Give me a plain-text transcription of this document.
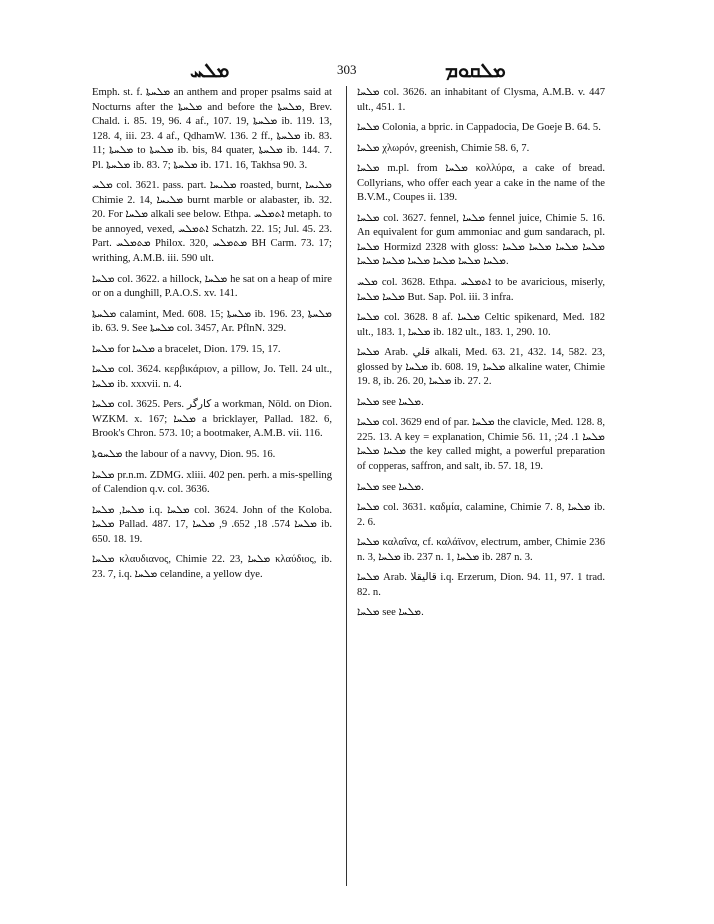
ܡܠܚ	303	ܡܠܩܘܡ
Emph. st. f. ܡܠܚܬܐ an anthem and proper psalms said at Nocturns after the ܡܠܚܬܐ and before the ܡܠܚܬܐ, Brev. Chald. i. 85. 19, 96. 4 af., 107. 19, ܡܠܚܬܐ ib. 119. 13, 128. 4, iii. 23. 4 af., QdhamW. 136. 2 ff., ܡܠܚܬܐ ib. 83. 11; ܡܠܚܬܐ to ܡܠܚܬܐ ib. bis, 84 quater, ܡܠܚܬܐ ib. 144. 7. Pl. ܡܠܚܬܐ ib. 83. 7; ܡܠܚܬܐ ib. 171. 16, Takhsa 90. 3.
ܡܠܚ col. 3621. pass. part. ܡܠܝܚܐ roasted, burnt, ܡܠܝܚܐ Chimie 2. 14, ܡܠܝܚܐ burnt marble or alabaster, ib. 32. 20. For ܡܠܚܐ alkali see below. Ethpa. ܐܬܡܠܚ metaph. to be annoyed, vexed, ܐܬܡܠܚ Schatzh. 22. 15; Jul. 45. 23. Part. ܡܬܡܠܚ Philox. 320, ܡܬܡܠܚ BH Carm. 73. 17; writhing, A.M.B. iii. 590 ult.
ܡܠܚܐ col. 3622. a hillock, ܡܠܚܐ he sat on a heap of mire or on a dunghill, P.A.O.S. xv. 141.
ܡܠܚܬܐ calamint, Med. 608. 15; ܡܠܚܬܐ ib. 196. 23, ܡܠܚܬܐ ib. 63. 9. See ܡܠܚܬܐ col. 3457, Ar. PflnN. 329.
ܡܠܚܐ for ܡܠܚܐ a bracelet, Dion. 179. 15, 17.
ܡܠܚܐ col. 3624. κερβικάριον, a pillow, Jo. Tell. 24 ult., ܡܠܚܐ ib. xxxvii. n. 4.
ܡܠܚܐ col. 3625. Pers. کارگر a workman, Nöld. on Dion. WZKM. x. 167; ܡܠܚܐ a bricklayer, Pallad. 182. 6, Brook's Chron. 573. 10; a bootmaker, A.M.B. vii. 116.
ܡܠܚܘܬܐ the labour of a navvy, Dion. 95. 16.
ܡܠܚܐ pr.n.m. ZDMG. xliii. 402 pen. perh. a mis-spelling of Calendion q.v. col. 3636.
ܡܠܚܐ, ܡܠܚܐ i.q. ܡܠܚܐ col. 3624. John of the Koloba. ܡܠܚܐ Pallad. 487. 17, ܡܠܚܐ 574. 18, 652. 9, ܡܠܚܐ ib. 650. 18. 19.
ܡܠܚܐ κλαυδιανος, Chimie 22. 23, ܡܠܚܐ κλαύδιος, ib. 23. 7, i.q. ܡܠܚܐ celandine, a yellow dye.
ܡܠܚܐ col. 3626. an inhabitant of Clysma, A.M.B. v. 447 ult., 451. 1.
ܡܠܚܐ Colonia, a bpric. in Cappadocia, De Goeje B. 64. 5.
ܡܠܚܐ χλωρόν, greenish, Chimie 58. 6, 7.
ܡܠܚܐ m.pl. from ܡܠܚܐ κολλύρα, a cake of bread. Collyrians, who offer each year a cake in the name of the B.V.M., Coupes ii. 139.
ܡܠܚܐ col. 3627. fennel, ܡܠܚܐ fennel juice, Chimie 5. 16. An equivalent for gum ammoniac and gum sandarach, pl. ܡܠܚܐ Hormizd 2328 with gloss: ܡܠܚܐ ܡܠܚܐ ܡܠܚܐ ܡܠܚܐ ܡܠܚܐ ܡܠܚܐ ܡܠܚܐ ܡܠܚܐ ܡܠܚܐ ܡܠܚܐ.
ܡܠܚ col. 3628. Ethpa. ܐܬܡܠܚ to be avaricious, miserly, ܡܠܚܐ ܡܠܚܐ But. Sap. Pol. iii. 3 infra.
ܡܠܚܐ col. 3628. 8 af. ܡܠܚܐ Celtic spikenard, Med. 182 ult., 183. 1, ܡܠܚܐ ib. 182 ult., 183. 1, 290. 10.
ܡܠܚܐ Arab. قلي alkali, Med. 63. 21, 432. 14, 582. 23, glossed by ܡܠܚܐ ib. 608. 19, ܡܠܚܐ alkaline water, Chimie 19. 8, ib. 26. 20, ܡܠܚܐ ib. 27. 2.
ܡܠܚܐ see ܡܠܚܐ.
ܡܠܚܐ col. 3629 end of par. ܡܠܚܐ the clavicle, Med. 128. 8, 225. 13. A key = explanation, Chimie 56. 11, ܡܠܚܐ 1. 24; ܡܠܚܐ ܡܠܚܐ the key called might, a powerful preparation of copperas, saffron, and salt, ib. 57. 18, 19.
ܡܠܚܐ see ܡܠܚܐ.
ܡܠܚܐ col. 3631. καδμία, calamine, Chimie 7. 8, ܡܠܚܐ ib. 2. 6.
ܡܠܚܐ καλαΐνα, cf. καλάϊνον, electrum, amber, Chimie 236 n. 3, ܡܠܚܐ ib. 237 n. 1, ܡܠܚܐ ib. 287 n. 3.
ܡܠܚܐ Arab. قاليقلا i.q. Erzerum, Dion. 94. 11, 97. 1 trad. 82. n.
ܡܠܚܐ see ܡܠܚܐ.
